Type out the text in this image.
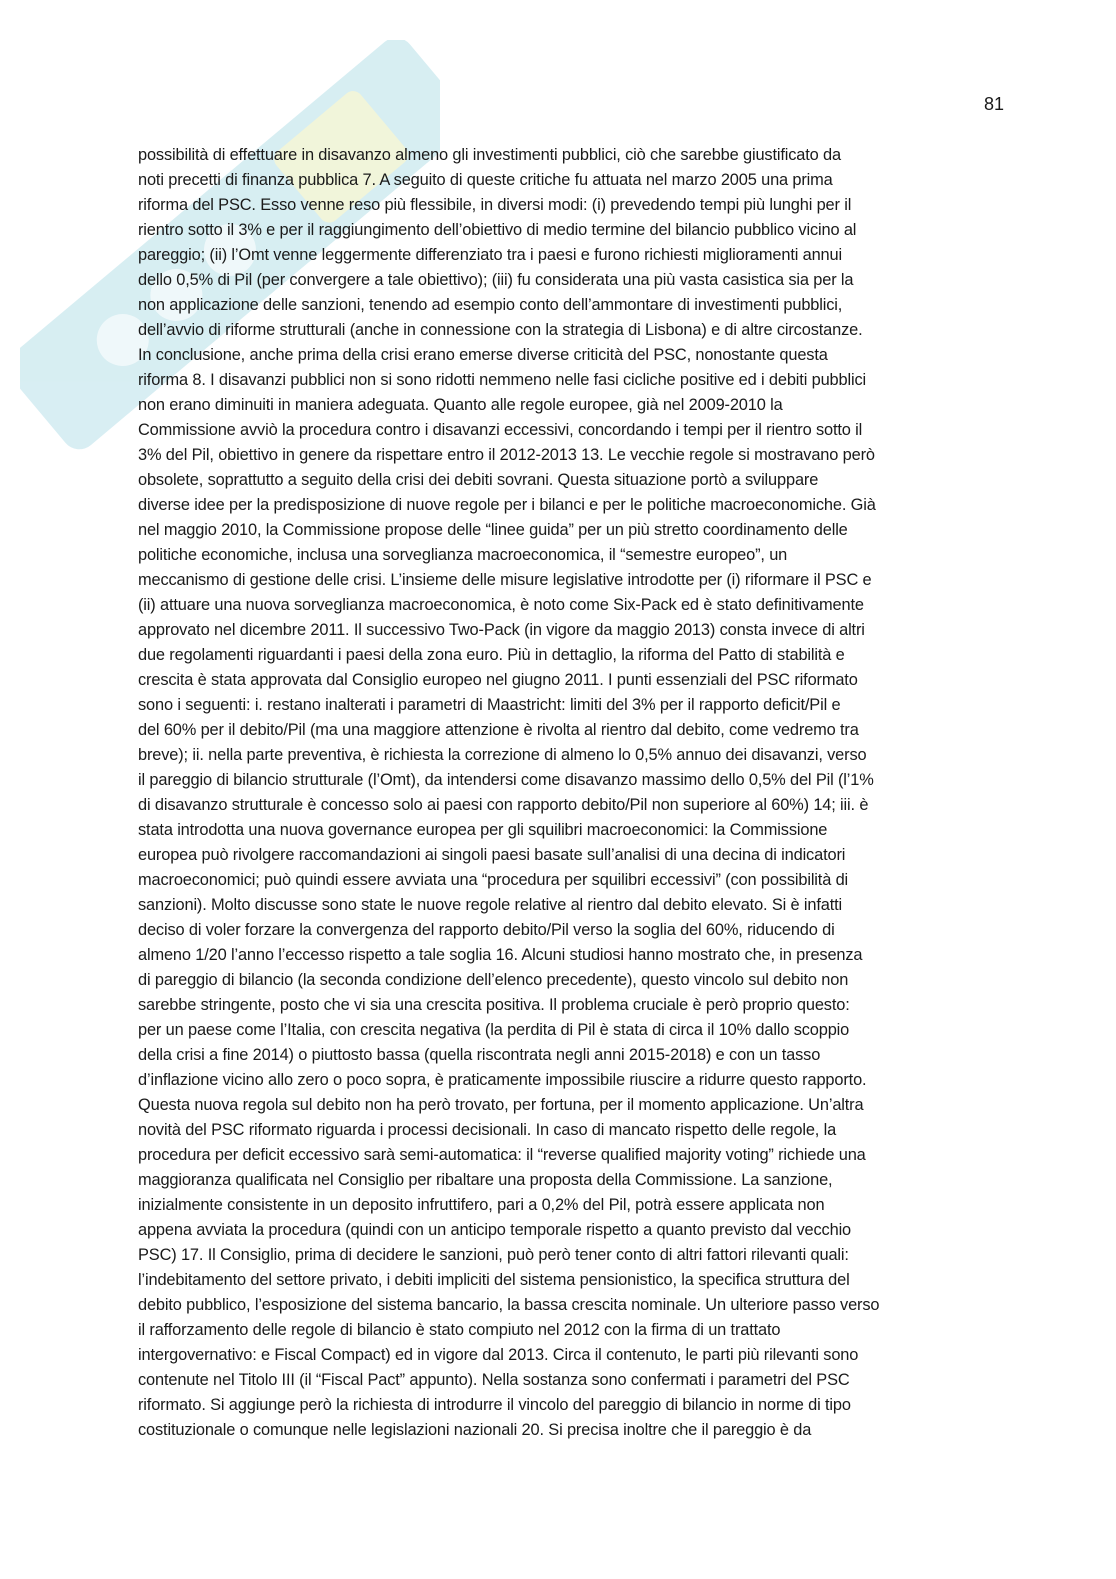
81
possibilità di effettuare in disavanzo almeno gli investimenti pubblici, ciò che sarebbe giustificato da
noti precetti di finanza pubblica 7. A seguito di queste critiche fu attuata nel marzo 2005 una prima
riforma del PSC. Esso venne reso più flessibile, in diversi modi: (i) prevedendo tempi più lunghi per il
rientro sotto il 3% e per il raggiungimento dell’obiettivo di medio termine del bilancio pubblico vicino al
pareggio; (ii) l’Omt venne leggermente differenziato tra i paesi e furono richiesti miglioramenti annui
dello 0,5% di Pil (per convergere a tale obiettivo); (iii) fu considerata una più vasta casistica sia per la
non applicazione delle sanzioni, tenendo ad esempio conto dell’ammontare di investimenti pubblici,
dell’avvio di riforme strutturali (anche in connessione con la strategia di Lisbona) e di altre circostanze.
In conclusione, anche prima della crisi erano emerse diverse criticità del PSC, nonostante questa
riforma 8. I disavanzi pubblici non si sono ridotti nemmeno nelle fasi cicliche positive ed i debiti pubblici
non erano diminuiti in maniera adeguata. Quanto alle regole europee, già nel 2009-2010 la
Commissione avviò la procedura contro i disavanzi eccessivi, concordando i tempi per il rientro sotto il
3% del Pil, obiettivo in genere da rispettare entro il 2012-2013 13. Le vecchie regole si mostravano però
obsolete, soprattutto a seguito della crisi dei debiti sovrani. Questa situazione portò a sviluppare
diverse idee per la predisposizione di nuove regole per i bilanci e per le politiche macroeconomiche. Già
nel maggio 2010, la Commissione propose delle “linee guida” per un più stretto coordinamento delle
politiche economiche, inclusa una sorveglianza macroeconomica, il “semestre europeo”, un
meccanismo di gestione delle crisi. L’insieme delle misure legislative introdotte per (i) riformare il PSC e
(ii) attuare una nuova sorveglianza macroeconomica, è noto come Six-Pack ed è stato definitivamente
approvato nel dicembre 2011. Il successivo Two-Pack (in vigore da maggio 2013) consta invece di altri
due regolamenti riguardanti i paesi della zona euro. Più in dettaglio, la riforma del Patto di stabilità e
crescita è stata approvata dal Consiglio europeo nel giugno 2011. I punti essenziali del PSC riformato
sono i seguenti: i. restano inalterati i parametri di Maastricht: limiti del 3% per il rapporto deficit/Pil e
del 60% per il debito/Pil (ma una maggiore attenzione è rivolta al rientro dal debito, come vedremo tra
breve); ii. nella parte preventiva, è richiesta la correzione di almeno lo 0,5% annuo dei disavanzi, verso
il pareggio di bilancio strutturale (l’Omt), da intendersi come disavanzo massimo dello 0,5% del Pil (l’1%
di disavanzo strutturale è concesso solo ai paesi con rapporto debito/Pil non superiore al 60%) 14; iii. è
stata introdotta una nuova governance europea per gli squilibri macroeconomici: la Commissione
europea può rivolgere raccomandazioni ai singoli paesi basate sull’analisi di una decina di indicatori
macroeconomici; può quindi essere avviata una “procedura per squilibri eccessivi” (con possibilità di
sanzioni). Molto discusse sono state le nuove regole relative al rientro dal debito elevato. Si è infatti
deciso di voler forzare la convergenza del rapporto debito/Pil verso la soglia del 60%, riducendo di
almeno 1/20 l’anno l’eccesso rispetto a tale soglia 16. Alcuni studiosi hanno mostrato che, in presenza
di pareggio di bilancio (la seconda condizione dell’elenco precedente), questo vincolo sul debito non
sarebbe stringente, posto che vi sia una crescita positiva. Il problema cruciale è però proprio questo:
per un paese come l’Italia, con crescita negativa (la perdita di Pil è stata di circa il 10% dallo scoppio
della crisi a fine 2014) o piuttosto bassa (quella riscontrata negli anni 2015-2018) e con un tasso
d’inflazione vicino allo zero o poco sopra, è praticamente impossibile riuscire a ridurre questo rapporto.
Questa nuova regola sul debito non ha però trovato, per fortuna, per il momento applicazione. Un’altra
novità del PSC riformato riguarda i processi decisionali. In caso di mancato rispetto delle regole, la
procedura per deficit eccessivo sarà semi-automatica: il “reverse qualified majority voting” richiede una
maggioranza qualificata nel Consiglio per ribaltare una proposta della Commissione. La sanzione,
inizialmente consistente in un deposito infruttifero, pari a 0,2% del Pil, potrà essere applicata non
appena avviata la procedura (quindi con un anticipo temporale rispetto a quanto previsto dal vecchio
PSC) 17. Il Consiglio, prima di decidere le sanzioni, può però tener conto di altri fattori rilevanti quali:
l’indebitamento del settore privato, i debiti impliciti del sistema pensionistico, la specifica struttura del
debito pubblico, l’esposizione del sistema bancario, la bassa crescita nominale. Un ulteriore passo verso
il rafforzamento delle regole di bilancio è stato compiuto nel 2012 con la firma di un trattato
intergovernativo: e Fiscal Compact) ed in vigore dal 2013. Circa il contenuto, le parti più rilevanti sono
contenute nel Titolo III (il “Fiscal Pact” appunto). Nella sostanza sono confermati i parametri del PSC
riformato. Si aggiunge però la richiesta di introdurre il vincolo del pareggio di bilancio in norme di tipo
costituzionale o comunque nelle legislazioni nazionali 20. Si precisa inoltre che il pareggio è da
